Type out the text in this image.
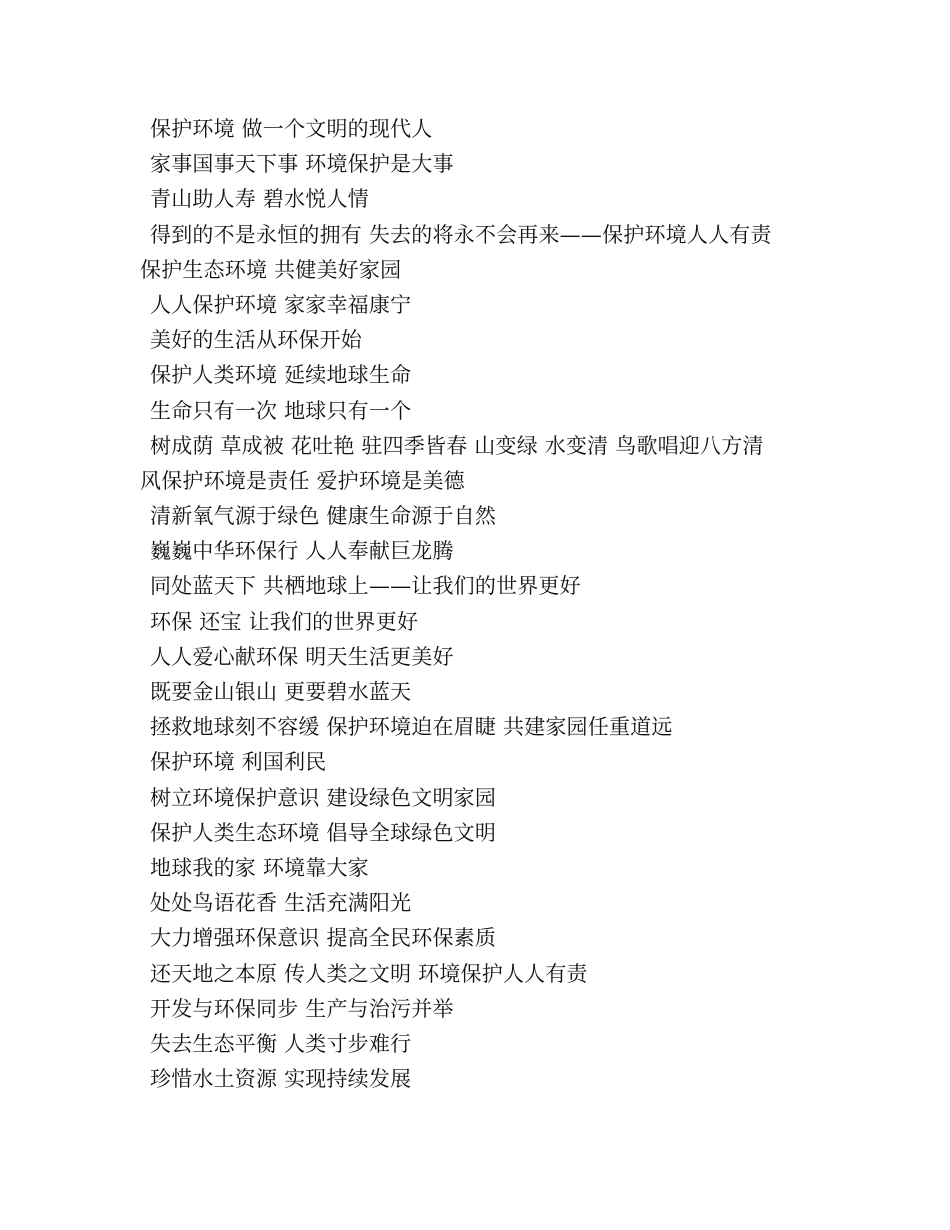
保护环境 做一个文明的现代人
家事国事天下事 环境保护是大事
青山助人寿 碧水悦人情
得到的不是永恒的拥有 失去的将永不会再来——保护环境人人有责
保护生态环境 共健美好家园
人人保护环境 家家幸福康宁
美好的生活从环保开始
保护人类环境 延续地球生命
生命只有一次 地球只有一个
树成荫 草成被 花吐艳 驻四季皆春 山变绿 水变清 鸟歌唱迎八方清
风保护环境是责任 爱护环境是美德
清新氧气源于绿色 健康生命源于自然
巍巍中华环保行 人人奉献巨龙腾
同处蓝天下 共栖地球上——让我们的世界更好
环保 还宝 让我们的世界更好
人人爱心献环保 明天生活更美好
既要金山银山 更要碧水蓝天
拯救地球刻不容缓 保护环境迫在眉睫 共建家园任重道远
保护环境 利国利民
树立环境保护意识 建设绿色文明家园
保护人类生态环境 倡导全球绿色文明
地球我的家 环境靠大家
处处鸟语花香 生活充满阳光
大力增强环保意识 提高全民环保素质
还天地之本原 传人类之文明 环境保护人人有责
开发与环保同步 生产与治污并举
失去生态平衡 人类寸步难行
珍惜水土资源 实现持续发展
